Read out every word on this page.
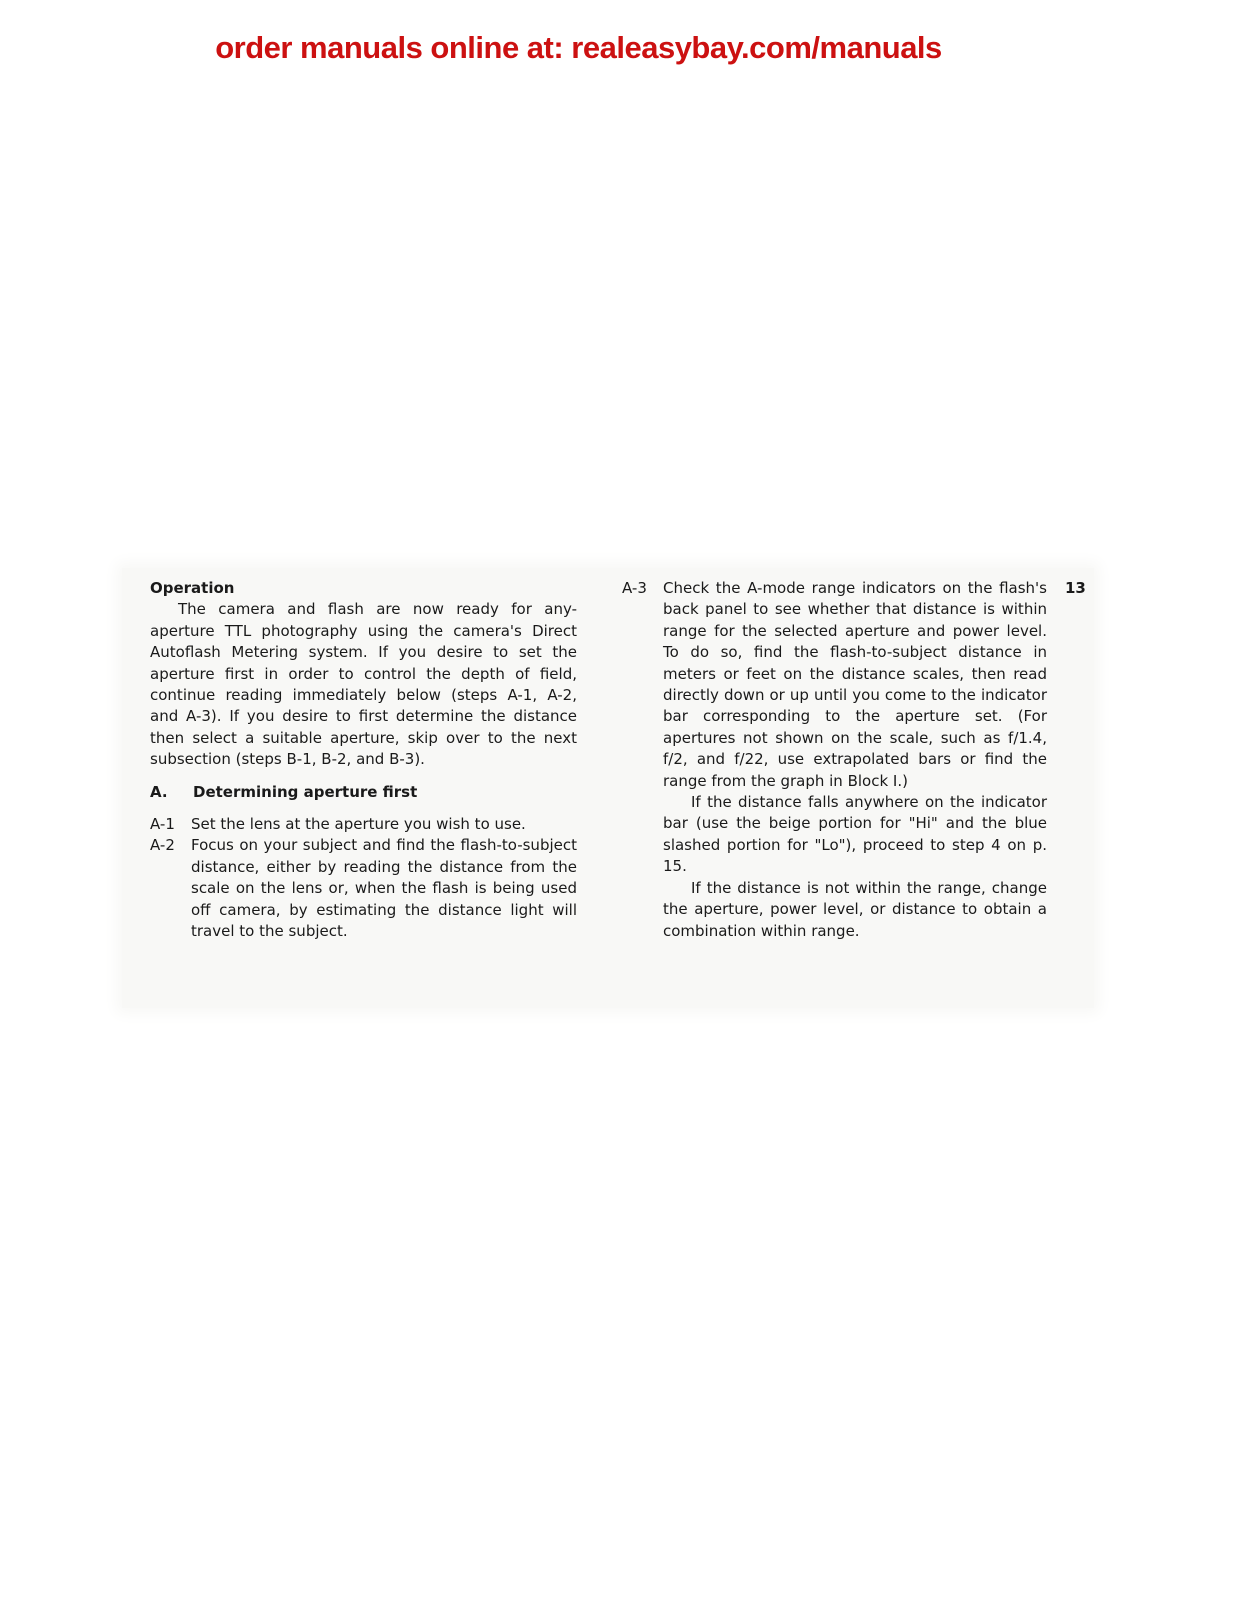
order manuals online at: realeasybay.com/manuals

Operation

The camera and flash are now ready for any-aperture TTL photography using the camera's Direct Autoflash Metering system. If you desire to set the aperture first in order to control the depth of field, continue reading immediately below (steps A-1, A-2, and A-3). If you desire to first determine the distance then select a suitable aperture, skip over to the next subsection (steps B-1, B-2, and B-3).

A.	Determining aperture first
A-1	Set the lens at the aperture you wish to use.
A-2	Focus on your subject and find the flash-to-subject distance, either by reading the distance from the scale on the lens or, when the flash is being used off camera, by estimating the distance light will travel to the subject.
A-3	Check the A-mode range indicators on the flash's back panel to see whether that distance is within range for the selected aperture and power level. To do so, find the flash-to-subject distance in meters or feet on the distance scales, then read directly down or up until you come to the indicator bar corresponding to the aperture set. (For apertures not shown on the scale, such as f/1.4, f/2, and f/22, use extrapolated bars or find the range from the graph in Block I.)

If the distance falls anywhere on the indicator bar (use the beige portion for "Hi" and the blue slashed portion for "Lo"), proceed to step 4 on p. 15.

If the distance is not within the range, change the aperture, power level, or distance to obtain a combination within range.

13
